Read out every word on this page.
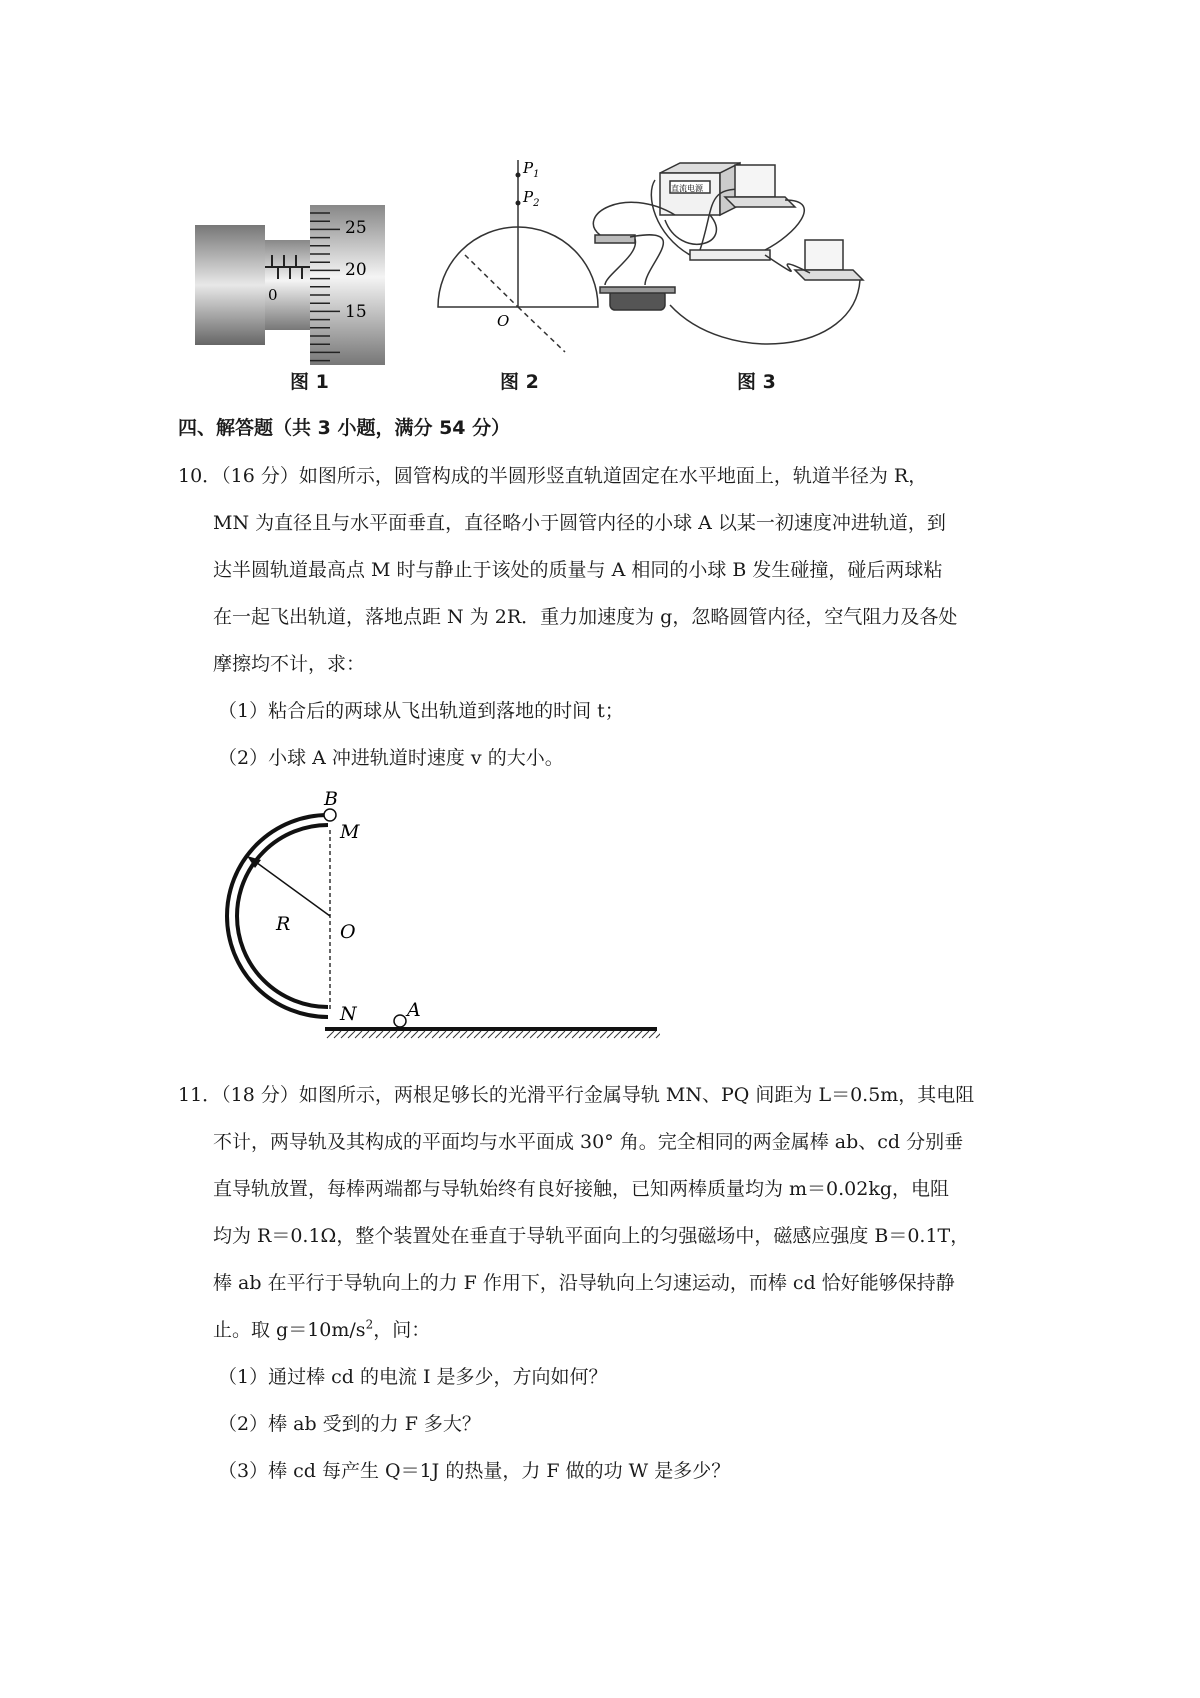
0
25
20
15
图 1
$P_1$
$P_2$
O
图 2
直流电源
图 3
四、解答题（共 3 小题，满分 54 分）
10．（16 分）如图所示，圆管构成的半圆形竖直轨道固定在水平地面上，轨道半径为 R，
MN 为直径且与水平面垂直，直径略小于圆管内径的小球 A 以某一初速度冲进轨道，到
达半圆轨道最高点 M 时与静止于该处的质量与 A 相同的小球 B 发生碰撞，碰后两球粘
在一起飞出轨道，落地点距 N 为 2R．重力加速度为 g，忽略圆管内径，空气阻力及各处
摩擦均不计，求：
（1）粘合后的两球从飞出轨道到落地的时间 t；
（2）小球 A 冲进轨道时速度 v 的大小。
B
M
R	O
N	A
11．（18 分）如图所示，两根足够长的光滑平行金属导轨 MN、PQ 间距为 L＝0.5m，其电阻
不计，两导轨及其构成的平面均与水平面成 30° 角。完全相同的两金属棒 ab、cd 分别垂
直导轨放置，每棒两端都与导轨始终有良好接触，已知两棒质量均为 m＝0.02kg，电阻
均为 R＝0.1Ω，整个装置处在垂直于导轨平面向上的匀强磁场中，磁感应强度 B＝0.1T，
棒 ab 在平行于导轨向上的力 F 作用下，沿导轨向上匀速运动，而棒 cd 恰好能够保持静
止。取 $g=10m/s^2$，问：
（1）通过棒 cd 的电流 I 是多少，方向如何？
（2）棒 ab 受到的力 F 多大？
（3）棒 cd 每产生 Q＝1J 的热量，力 F 做的功 W 是多少？
